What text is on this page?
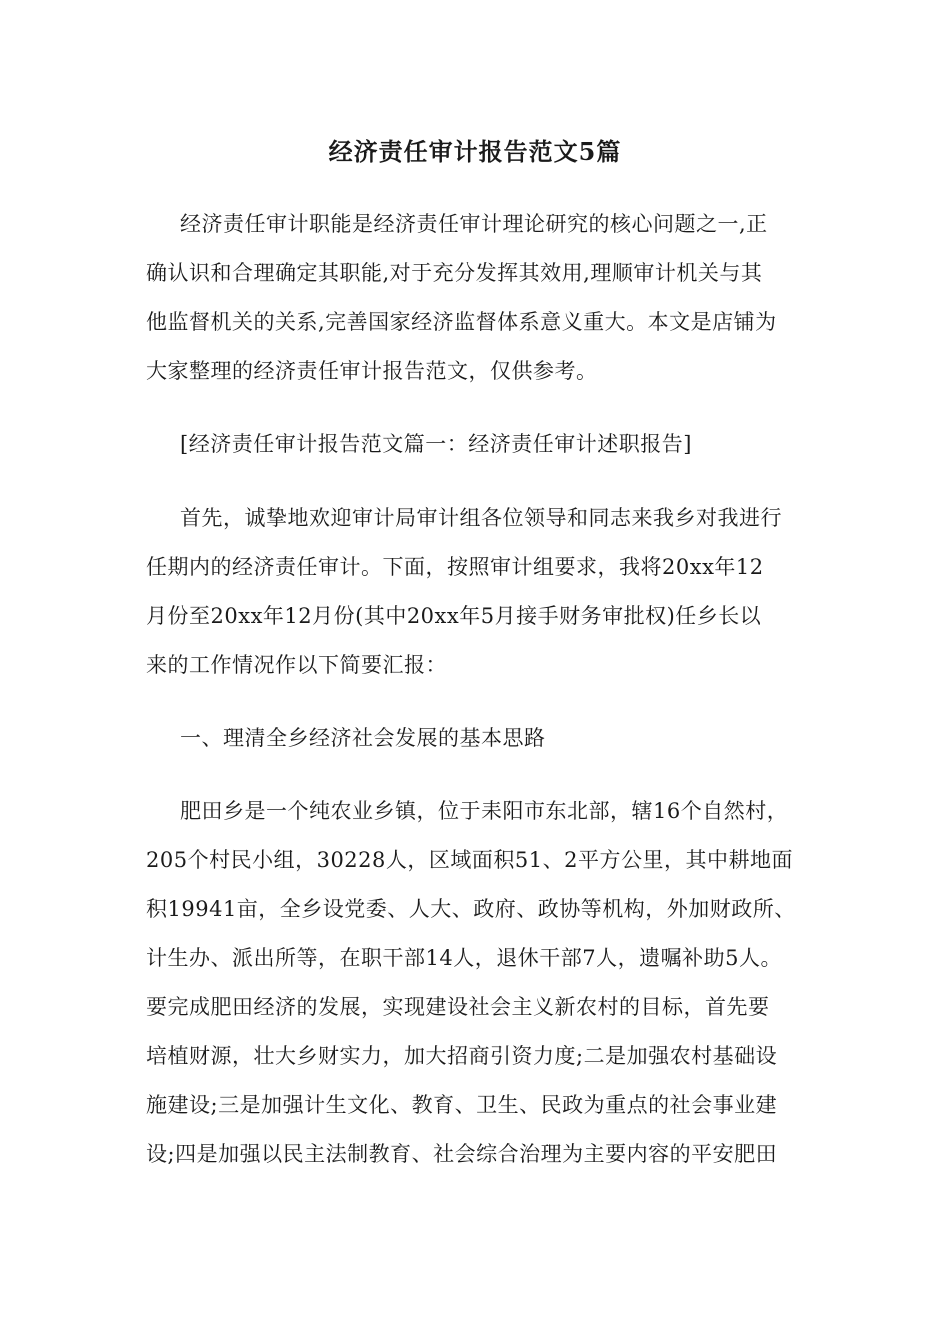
经济责任审计报告范文5篇
经济责任审计职能是经济责任审计理论研究的核心问题之一,正
确认识和合理确定其职能,对于充分发挥其效用,理顺审计机关与其
他监督机关的关系,完善国家经济监督体系意义重大。本文是店铺为
大家整理的经济责任审计报告范文，仅供参考。
[经济责任审计报告范文篇一：经济责任审计述职报告]
首先，诚挚地欢迎审计局审计组各位领导和同志来我乡对我进行
任期内的经济责任审计。下面，按照审计组要求，我将20xx年12
月份至20xx年12月份(其中20xx年5月接手财务审批权)任乡长以
来的工作情况作以下简要汇报：
一、理清全乡经济社会发展的基本思路
肥田乡是一个纯农业乡镇，位于耒阳市东北部，辖16个自然村，
205个村民小组，30228人，区域面积51、2平方公里，其中耕地面
积19941亩，全乡设党委、人大、政府、政协等机构，外加财政所、
计生办、派出所等，在职干部14人，退休干部7人，遗嘱补助5人。
要完成肥田经济的发展，实现建设社会主义新农村的目标，首先要
培植财源，壮大乡财实力，加大招商引资力度;二是加强农村基础设
施建设;三是加强计生文化、教育、卫生、民政为重点的社会事业建
设;四是加强以民主法制教育、社会综合治理为主要内容的平安肥田
